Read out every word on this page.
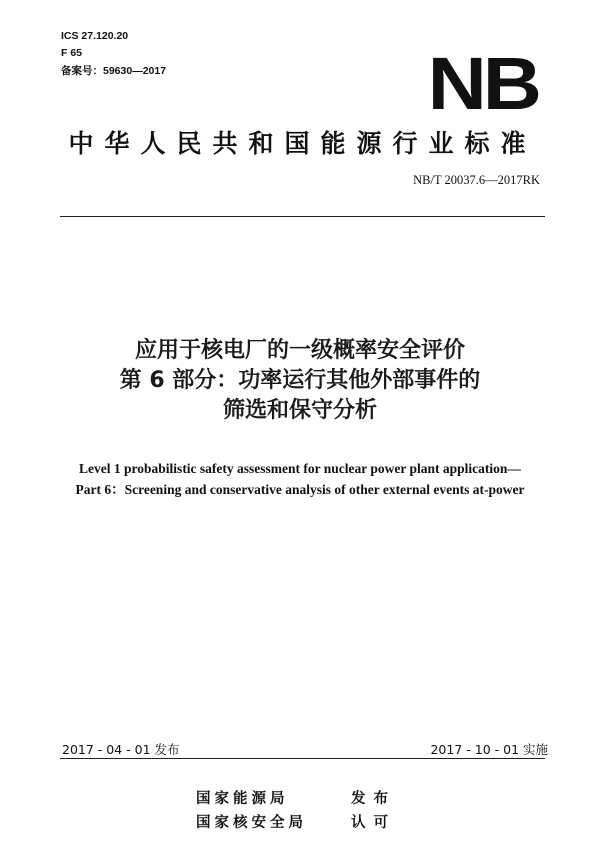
ICS 27.120.20
F 65
备案号：59630—2017	NB
中华人民共和国能源行业标准
NB/T 20037.6—2017RK
应用于核电厂的一级概率安全评价
第 6 部分：功率运行其他外部事件的
筛选和保守分析
Level 1 probabilistic safety assessment for nuclear power plant application—
Part 6：Screening and conservative analysis of other external events at-power
2017 - 04 - 01 发布	2017 - 10 - 01 实施
国家能源局	发布
国家核安全局	认可
